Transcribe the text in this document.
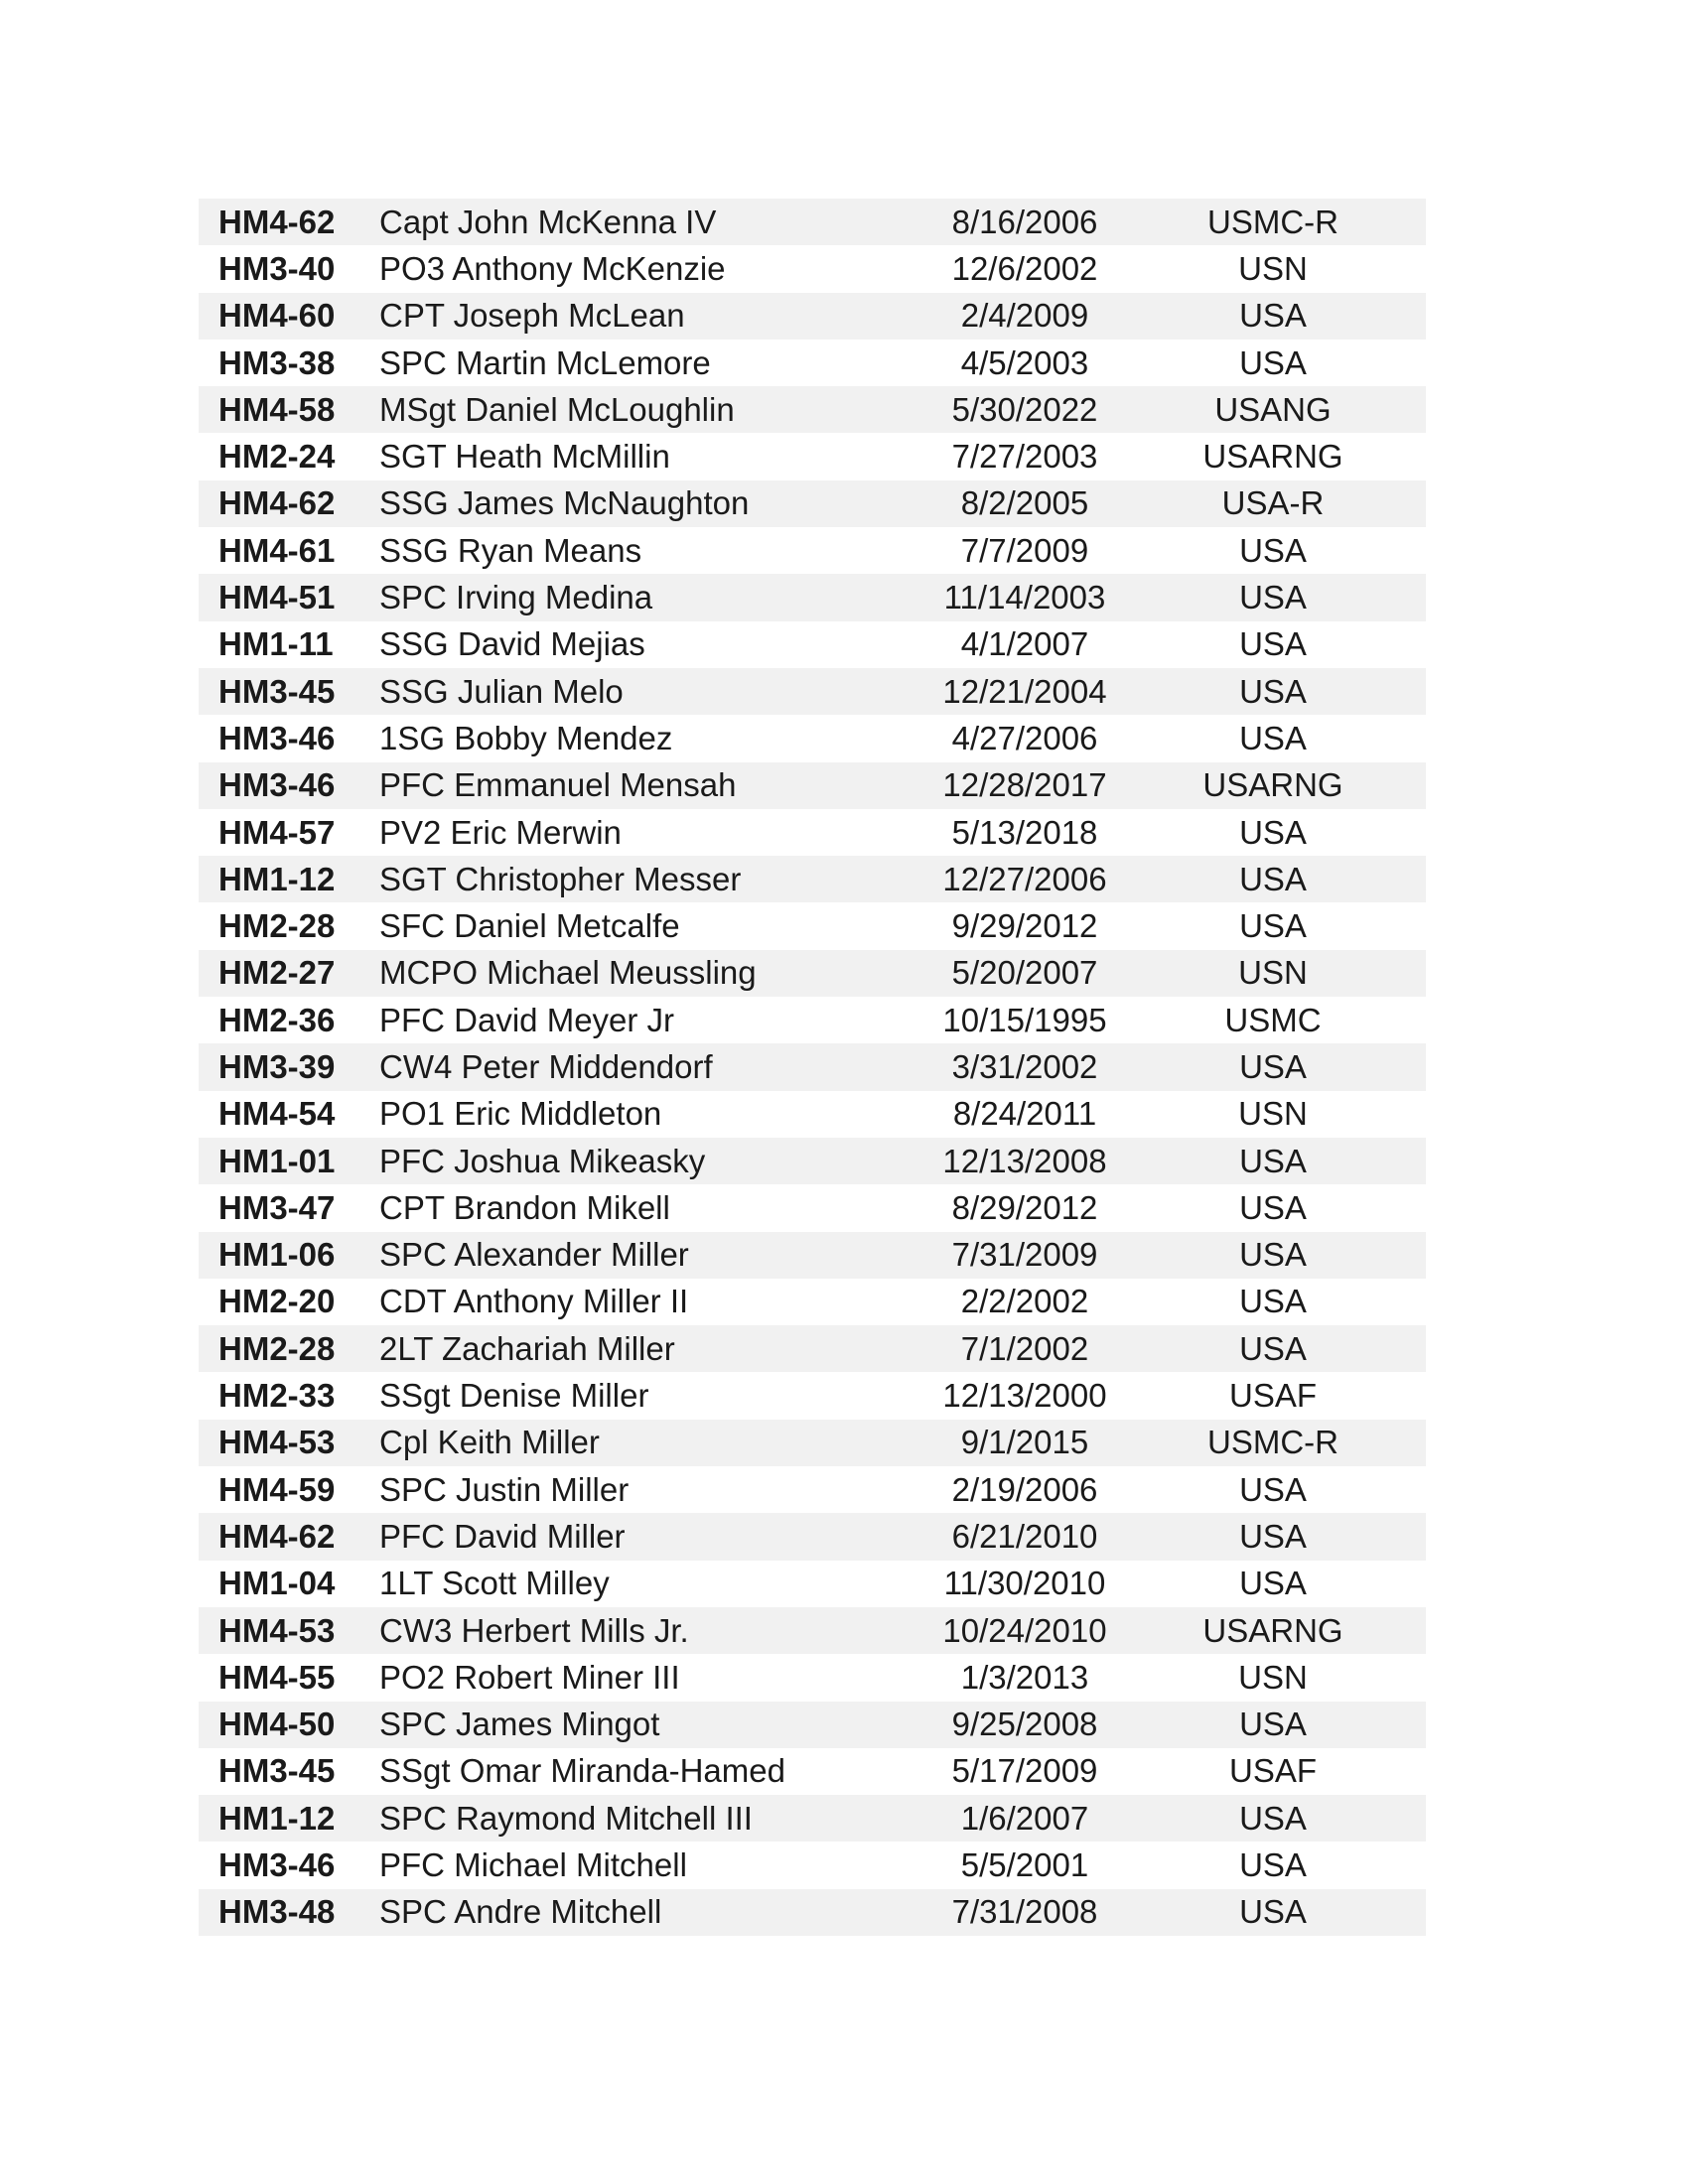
HM4-62	Capt John McKenna IV	8/16/2006	USMC-R
HM3-40	PO3 Anthony McKenzie	12/6/2002	USN
HM4-60	CPT Joseph McLean	2/4/2009	USA
HM3-38	SPC Martin McLemore	4/5/2003	USA
HM4-58	MSgt Daniel McLoughlin	5/30/2022	USANG
HM2-24	SGT Heath McMillin	7/27/2003	USARNG
HM4-62	SSG James McNaughton	8/2/2005	USA-R
HM4-61	SSG Ryan Means	7/7/2009	USA
HM4-51	SPC Irving Medina	11/14/2003	USA
HM1-11	SSG David Mejias	4/1/2007	USA
HM3-45	SSG Julian Melo	12/21/2004	USA
HM3-46	1SG Bobby Mendez	4/27/2006	USA
HM3-46	PFC Emmanuel Mensah	12/28/2017	USARNG
HM4-57	PV2 Eric Merwin	5/13/2018	USA
HM1-12	SGT Christopher Messer	12/27/2006	USA
HM2-28	SFC Daniel Metcalfe	9/29/2012	USA
HM2-27	MCPO Michael Meussling	5/20/2007	USN
HM2-36	PFC David Meyer Jr	10/15/1995	USMC
HM3-39	CW4 Peter Middendorf	3/31/2002	USA
HM4-54	PO1 Eric Middleton	8/24/2011	USN
HM1-01	PFC Joshua Mikeasky	12/13/2008	USA
HM3-47	CPT Brandon Mikell	8/29/2012	USA
HM1-06	SPC Alexander Miller	7/31/2009	USA
HM2-20	CDT Anthony Miller II	2/2/2002	USA
HM2-28	2LT Zachariah Miller	7/1/2002	USA
HM2-33	SSgt Denise Miller	12/13/2000	USAF
HM4-53	Cpl Keith Miller	9/1/2015	USMC-R
HM4-59	SPC Justin Miller	2/19/2006	USA
HM4-62	PFC David Miller	6/21/2010	USA
HM1-04	1LT Scott Milley	11/30/2010	USA
HM4-53	CW3 Herbert Mills Jr.	10/24/2010	USARNG
HM4-55	PO2 Robert Miner III	1/3/2013	USN
HM4-50	SPC James Mingot	9/25/2008	USA
HM3-45	SSgt Omar Miranda-Hamed	5/17/2009	USAF
HM1-12	SPC Raymond Mitchell III	1/6/2007	USA
HM3-46	PFC Michael Mitchell	5/5/2001	USA
HM3-48	SPC Andre Mitchell	7/31/2008	USA
